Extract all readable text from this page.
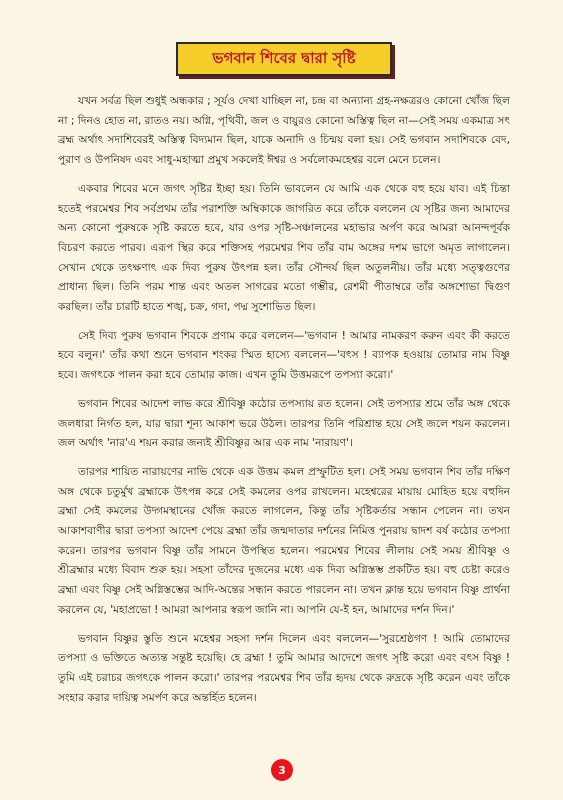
ভগবান শিবের দ্বারা সৃষ্টি

যখন সর্বত্র ছিল শুধুই অন্ধকার ; সূর্যও দেখা যাচ্ছিল না, চন্দ্র বা অন্যান্য গ্রহ-নক্ষত্ররও কোনো খোঁজ ছিল না ; দিনও হোত না, রাতও নয়। অগ্নি, পৃথিবী, জল ও বায়ুরও কোনো অস্তিত্ব ছিল না—সেই সময় একমাত্র সৎ ব্রহ্ম অর্থাৎ সদাশিবেরই অস্তিত্ব বিদ্যমান ছিল, যাকে অনাদি ও চিন্ময় বলা হয়। সেই ভগবান সদাশিবকে বেদ, পুরাণ ও উপনিষদ এবং সাধু-মহাত্মা প্রমুখ সকলেই ঈশ্বর ও সর্বলোকমহেশ্বর বলে মেনে চলেন।

একবার শিবের মনে জগৎ সৃষ্টির ইচ্ছা হয়। তিনি ভাবলেন যে আমি এক থেকে বহু হয়ে যাব। এই চিন্তা হতেই পরমেশ্বর শিব সর্বপ্রথম তাঁর পরাশক্তি অম্বিকাকে জাগরিত করে তাঁকে বললেন যে সৃষ্টির জন্য আমাদের অন্য কোনো পুরুষকে সৃষ্টি করতে হবে, যার ওপর সৃষ্টি-সঞ্চালনের মহাভার অর্পণ করে আমরা আনন্দপূর্বক বিচরণ করতে পারব। এরূপ স্থির করে শক্তিসহ পরমেশ্বর শিব তাঁর বাম অঙ্গের দশম ভাগে অমৃত লাগালেন। সেখান থেকে তৎক্ষণাৎ এক দিব্য পুরুষ উৎপন্ন হল। তাঁর সৌন্দর্য ছিল অতুলনীয়। তাঁর মধ্যে সত্ত্বগুণের প্রাধান্য ছিল। তিনি পরম শান্ত এবং অতল সাগরের মতো গম্ভীর, রেশমী পীতাম্বরে তাঁর অঙ্গশোভা দ্বিগুণ করছিল। তাঁর চারটি হাতে শঙ্খ, চক্র, গদা, পদ্ম সুশোভিত ছিল।

সেই দিব্য পুরুষ ভগবান শিবকে প্রণাম করে বললেন—'ভগবান ! আমার নামকরণ করুন এবং কী করতে হবে বলুন।' তাঁর কথা শুনে ভগবান শংকর স্মিত হাস্যে বললেন—'বৎস ! ব্যাপক হওয়ায় তোমার নাম বিষ্ণু হবে। জগৎকে পালন করা হবে তোমার কাজ। এখন তুমি উত্তমরূপে তপস্যা করো।'

ভগবান শিবের আদেশ লাভ করে শ্রীবিষ্ণু কঠোর তপস্যায় রত হলেন। সেই তপস্যার শ্রমে তাঁর অঙ্গ থেকে জলধারা নির্গত হল, যার দ্বারা শূন্য আকাশ ভরে উঠল। তারপর তিনি পরিশ্রান্ত হয়ে সেই জলে শয়ন করলেন। জল অর্থাৎ 'নার'এ শয়ন করার জন্যই শ্রীবিষ্ণুর আর এক নাম 'নারায়ণ'।

তারপর শায়িত নারায়ণের নাভি থেকে এক উত্তম কমল প্রস্ফুটিত হল। সেই সময় ভগবান শিব তাঁর দক্ষিণ অঙ্গ থেকে চতুর্মুখ ব্রহ্মাকে উৎপন্ন করে সেই কমলের ওপর রাখলেন। মহেশ্বরের মায়ায় মোহিত হয়ে বহুদিন ব্রহ্মা সেই কমলের উদ্গমস্থানের খোঁজ করতে লাগলেন, কিন্তু তাঁর সৃষ্টিকর্তার সন্ধান পেলেন না। তখন আকাশবাণীর দ্বারা তপস্যা আদেশ পেয়ে ব্রহ্মা তাঁর জন্মদাতার দর্শনের নিমিত্ত পুনরায় দ্বাদশ বর্ষ কঠোর তপস্যা করেন। তারপর ভগবান বিষ্ণু তাঁর সামনে উপস্থিত হলেন। পরমেশ্বর শিবের লীলায় সেই সময় শ্রীবিষ্ণু ও শ্রীব্রহ্মার মধ্যে বিবাদ শুরু হয়। সহসা তাঁদের দুজনের মধ্যে এক দিব্য অগ্নিস্তম্ভ প্রকটিত হয়। বহু চেষ্টা করেও ব্রহ্মা এবং বিষ্ণু সেই অগ্নিস্তম্ভের আদি-অন্তের সন্ধান করতে পারলেন না। তখন ক্লান্ত হয়ে ভগবান বিষ্ণু প্রার্থনা করলেন যে, 'মহাপ্রভো ! আমরা আপনার স্বরূপ জানি না। আপনি যে-ই হন, আমাদের দর্শন দিন।'

ভগবান বিষ্ণুর স্তুতি শুনে মহেশ্বর সহসা দর্শন দিলেন এবং বললেন—'সুরশ্রেষ্ঠগণ ! আমি তোমাদের তপস্যা ও ভক্তিতে অত্যন্ত সন্তুষ্ট হয়েছি। হে ব্রহ্মা ! তুমি আমার আদেশে জগৎ সৃষ্টি করো এবং বৎস বিষ্ণু ! তুমি এই চরাচর জগৎকে পালন করো।' তারপর পরমেশ্বর শিব তাঁর হৃদয় থেকে রুদ্রকে সৃষ্টি করেন এবং তাঁকে সংহার করার দায়িত্ব সমর্পণ করে অন্তর্হিত হলেন।

3
